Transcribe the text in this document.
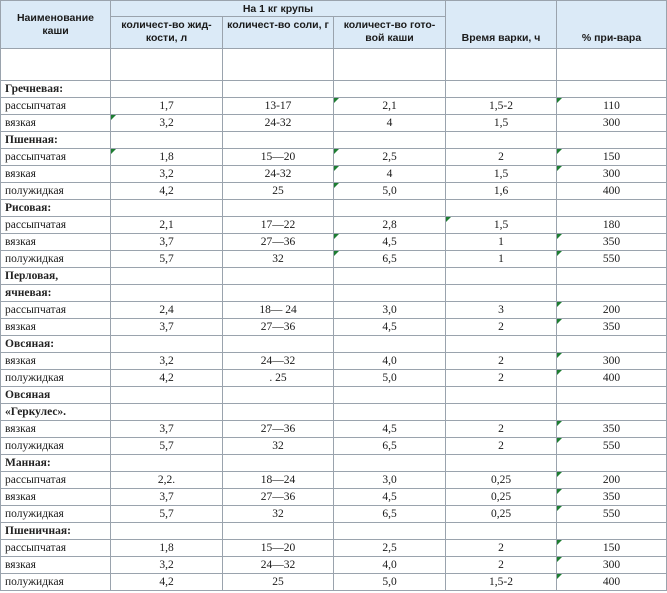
Наименование каши	На 1 кг крупы			Время варки, ч	% при-вара
	количест-во жид-кости, л	количест-во соли, г	количест-во гото-вой каши		

Гречневая:					
рассыпчатая	1,7	13-17	2,1	1,5-2	110
вязкая	3,2	24-32	4	1,5	300
Пшенная:					
рассыпчатая	1,8	15—20	2,5	2	150
вязкая	3,2	24-32	4	1,5	300
полужидкая	4,2	25	5,0	1,6	400
Рисовая:					
рассыпчатая	2,1	17—22	2,8	1,5	180
вязкая	3,7	27—36	4,5	1	350
полужидкая	5,7	32	6,5	1	550
Перловая,					
ячневая:					
рассыпчатая	2,4	18— 24	3,0	3	200
вязкая	3,7	27—36	4,5	2	350
Овсяная:					
вязкая	3,2	24—32	4,0	2	300
полужидкая	4,2	. 25	5,0	2	400
Овсяная					
«Геркулес».					
вязкая	3,7	27—36	4,5	2	350
полужидкая	5,7	32	6,5	2	550
Манная:					
рассыпчатая	2,2.	18—24	3,0	0,25	200
вязкая	3,7	27—36	4,5	0,25	350
полужидкая	5,7	32	6,5	0,25	550
Пшеничная:					
рассыпчатая	1,8	15—20	2,5	2	150
вязкая	3,2	24—32	4,0	2	300
полужидкая	4,2	25	5,0	1,5-2	400
